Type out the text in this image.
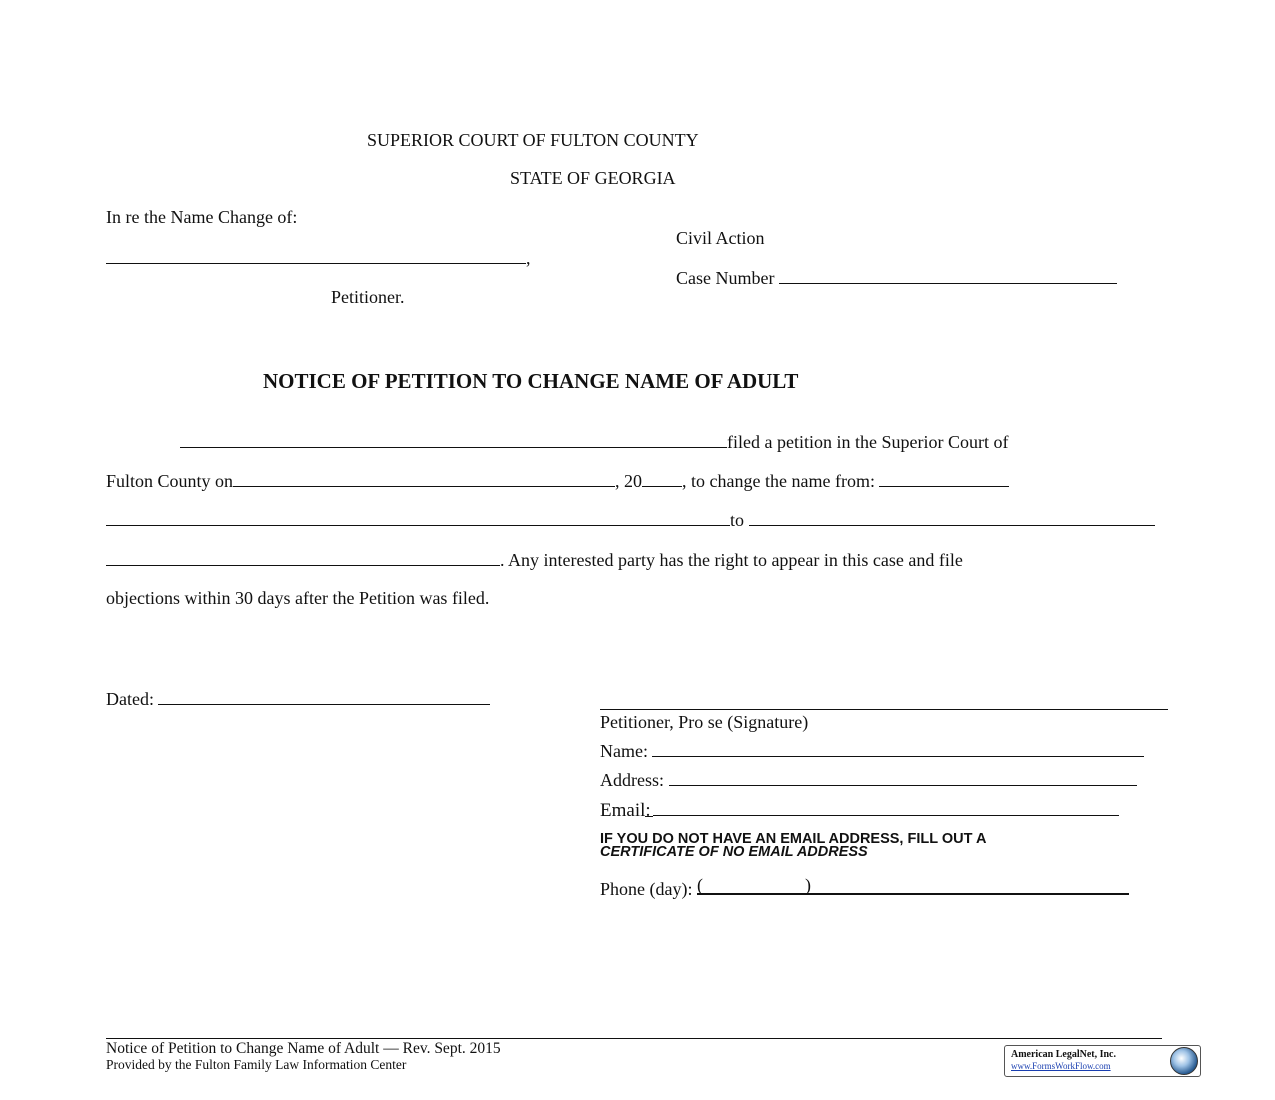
SUPERIOR COURT OF FULTON COUNTY
STATE OF GEORGIA
In re the Name Change of:
,
Petitioner.
Civil Action
Case Number
NOTICE OF PETITION TO CHANGE NAME OF ADULT
filed a petition in the Superior Court of
Fulton County on	, 20 , to change the name from:
to
. Any interested party has the right to appear in this case and file
objections within 30 days after the Petition was filed.
Dated:
Petitioner, Pro se (Signature)
Name:
Address:
Email:
IF YOU DO NOT HAVE AN EMAIL ADDRESS, FILL OUT A
CERTIFICATE OF NO EMAIL ADDRESS
Phone (day): (	)
Notice of Petition to Change Name of Adult — Rev. Sept. 2015
Provided by the Fulton Family Law Information Center
American LegalNet, Inc.
www.FormsWorkFlow.com
